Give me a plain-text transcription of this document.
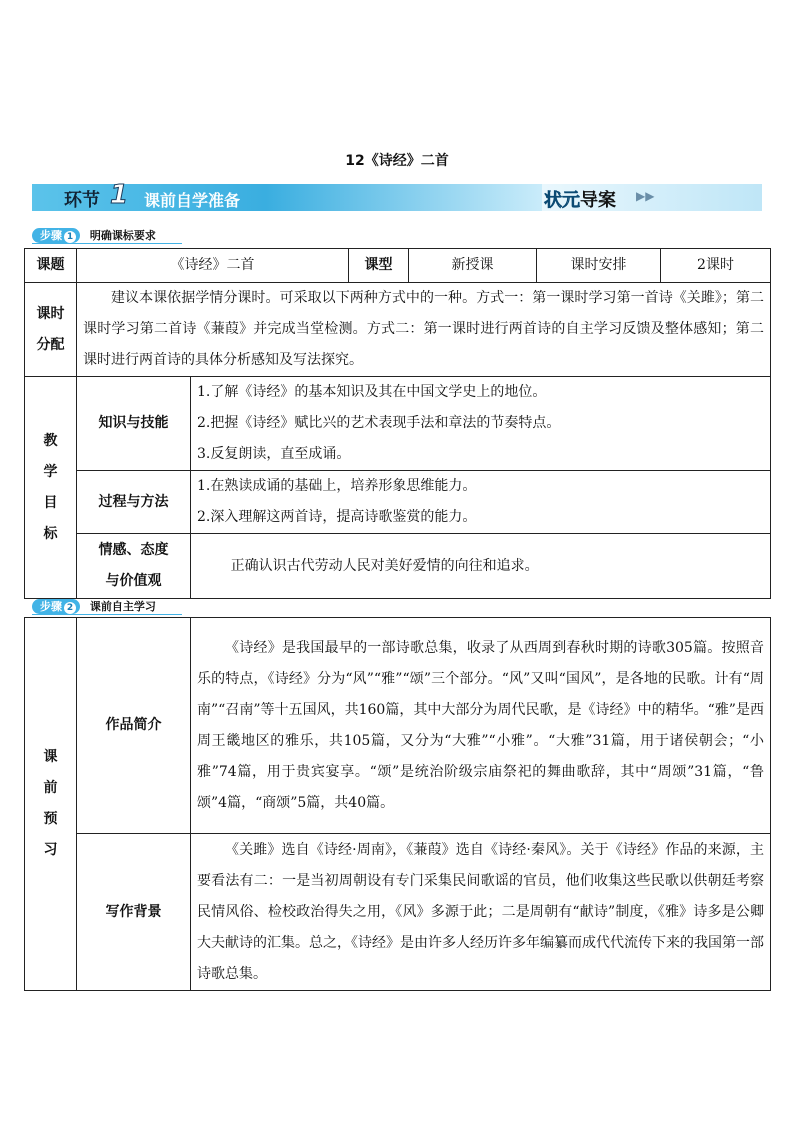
12《诗经》二首
环节 1 课前自学准备	状元导案 ▶▶
步骤 1 明确课标要求
课题	《诗经》二首		课型	新授课	课时安排	2课时
课时分配	建议本课依据学情分课时。可采取以下两种方式中的一种。方式一：第一课时学习第一首诗《关雎》；第二课时学习第二首诗《蒹葭》并完成当堂检测。方式二：第一课时进行两首诗的自主学习反馈及整体感知；第二课时进行两首诗的具体分析感知及写法探究。					
教学目标	知识与技能	1.了解《诗经》的基本知识及其在中国文学史上的地位。
2.把握《诗经》赋比兴的艺术表现手法和章法的节奏特点。
3.反复朗读，直至成诵。				

	过程与方法	1.在熟读成诵的基础上，培养形象思维能力。
2.深入理解这两首诗，提高诗歌鉴赏的能力。				

	情感、态度
与价值观	正确认识古代劳动人民对美好爱情的向往和追求。				
步骤 2 课前自主学习
课前预习	作品简介	《诗经》是我国最早的一部诗歌总集，收录了从西周到春秋时期的诗歌305篇。按照音乐的特点，《诗经》分为“风”“雅”“颂”三个部分。“风”又叫“国风”，是各地的民歌。计有“周南”“召南”等十五国风，共160篇，其中大部分为周代民歌，是《诗经》中的精华。“雅”是西周王畿地区的雅乐，共105篇，又分为“大雅”“小雅”。“大雅”31篇，用于诸侯朝会；“小雅”74篇，用于贵宾宴享。“颂”是统治阶级宗庙祭祀的舞曲歌辞，其中“周颂”31篇，“鲁颂”4篇，“商颂”5篇，共40篇。
	写作背景	《关雎》选自《诗经·周南》，《蒹葭》选自《诗经·秦风》。关于《诗经》作品的来源，主要看法有二：一是当初周朝设有专门采集民间歌谣的官员，他们收集这些民歌以供朝廷考察民情风俗、检校政治得失之用，《风》多源于此；二是周朝有“献诗”制度，《雅》诗多是公卿大夫献诗的汇集。总之，《诗经》是由许多人经历许多年编纂而成代代流传下来的我国第一部诗歌总集。
